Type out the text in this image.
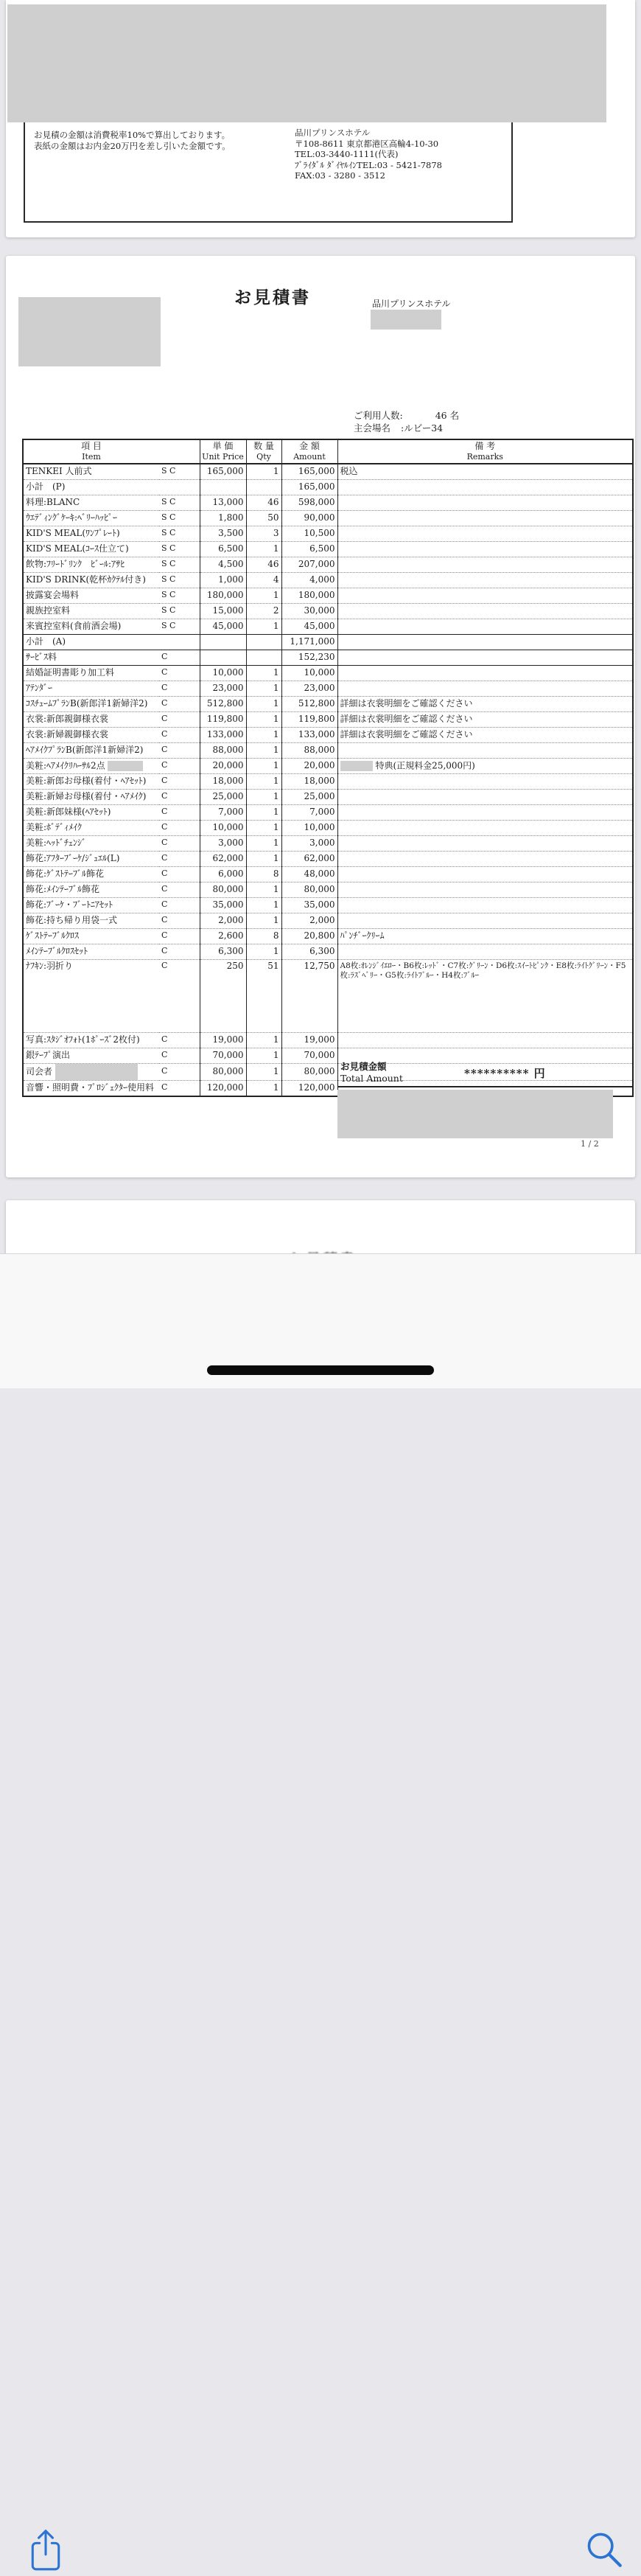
お見積の金額は消費税率10%で算出しております。
表紙の金額はお内金20万円を差し引いた金額です。
品川プリンスホテル
〒108-8611 東京都港区高輪4-10-30
TEL:03-3440-1111(代表)
ﾌﾞﾗｲﾀﾞﾙ ﾀﾞｲﾔﾙｲﾝTEL:03 - 5421-7878
FAX:03 - 3280 - 3512
お見積書	品川プリンスホテル
ご利用人数:	46 名
主会場名 :ルビー34
項 目
Item

単 価
Unit Price

数 量
Qty

金 額
Amount

備 考
Remarks

TENKEI 人前式	S C	165,000	1	165,000	税込
小計　(P)				165,000	
料理:BLANC	S C	13,000	46	598,000	
ｳｴﾃﾞｨﾝｸﾞｹｰｷ:ﾍﾞﾘｰﾊｯﾋﾟｰ	S C	1,800	50	90,000	
KID'S MEAL(ﾜﾝﾌﾟﾚｰﾄ)	S C	3,500	3	10,500	
KID'S MEAL(ｺｰｽ仕立て)	S C	6,500	1	6,500	
飲物:ﾌﾘｰﾄﾞﾘﾝｸ　ﾋﾞｰﾙ:ｱｻﾋ	S C	4,500	46	207,000	
KID'S DRINK(乾杯ｶｸﾃﾙ付き)	S C	1,000	4	4,000	
披露宴会場料	S C	180,000	1	180,000	
親族控室料	S C	15,000	2	30,000	
来賓控室料(食前酒会場)	S C	45,000	1	45,000	
小計　(A)				1,171,000	
ｻｰﾋﾞｽ料	C			152,230	
結婚証明書彫り加工料	C	10,000	1	10,000	
ｱﾃﾝﾀﾞｰ	C	23,000	1	23,000	
ｺｽﾁｭｰﾑﾌﾟﾗﾝB(新郎洋1新婦洋2)	C	512,800	1	512,800	詳細は衣裳明細をご確認ください
衣裳:新郎親御様衣裳	C	119,800	1	119,800	詳細は衣裳明細をご確認ください
衣裳:新婦親御様衣裳	C	133,000	1	133,000	詳細は衣裳明細をご確認ください
ﾍｱﾒｲｸﾌﾟﾗﾝB(新郎洋1新婦洋2)	C	88,000	1	88,000	
美粧:ﾍｱﾒｲｸﾘﾊｰｻﾙ2点	C	20,000	1	20,000	特典(正規料金25,000円)
美粧:新郎お母様(着付・ﾍｱｾｯﾄ)	C	18,000	1	18,000	
美粧:新婦お母様(着付・ﾍｱﾒｲｸ)	C	25,000	1	25,000	
美粧:新郎妹様(ﾍｱｾｯﾄ)	C	7,000	1	7,000	
美粧:ﾎﾞﾃﾞｨﾒｲｸ	C	10,000	1	10,000	
美粧:ﾍｯﾄﾞﾁｪﾝｼﾞ	C	3,000	1	3,000	
飾花:ｱﾌﾀｰﾌﾞｰｹ/ｼﾞｭｴﾙ(L)	C	62,000	1	62,000	
飾花:ｹﾞｽﾄﾃｰﾌﾞﾙ飾花	C	6,000	8	48,000	
飾花:ﾒｲﾝﾃｰﾌﾞﾙ飾花	C	80,000	1	80,000	
飾花:ﾌﾞｰｹ・ﾌﾞｰﾄﾆｱｾｯﾄ	C	35,000	1	35,000	
飾花:持ち帰り用袋一式	C	2,000	1	2,000	
ｹﾞｽﾄﾃｰﾌﾞﾙｸﾛｽ	C	2,600	8	20,800	ﾊﾟﾝﾁﾞｰｸﾘｰﾑ
ﾒｲﾝﾃｰﾌﾞﾙｸﾛｽｾｯﾄ	C	6,300	1	6,300	
ﾅﾌｷﾝ:羽折り	C	250	51	12,750	A8枚:ｵﾚﾝｼﾞｲｴﾛｰ・B6枚:ﾚｯﾄﾞ・C7枚:ｸﾞﾘｰﾝ・D6枚:ｽｲｰﾄﾋﾟﾝｸ・E8枚:ﾗｲﾄｸﾞﾘｰﾝ・F5枚:ﾗｽﾞﾍﾞﾘｰ・G5枚:ﾗｲﾄﾌﾞﾙｰ・H4枚:ﾌﾞﾙｰ
写真:ｽﾀｼﾞｵﾌｫﾄ(1ﾎﾟｰｽﾞ2枚付)	C	19,000	1	19,000	
銀ﾃｰﾌﾟ演出	C	70,000	1	70,000	
司会者	C	80,000	1	80,000	
音響・照明費・ﾌﾟﾛｼﾞｪｸﾀｰ使用料	C	120,000	1	120,000	
お見積金額
Total Amount	********** 円
1 / 2
